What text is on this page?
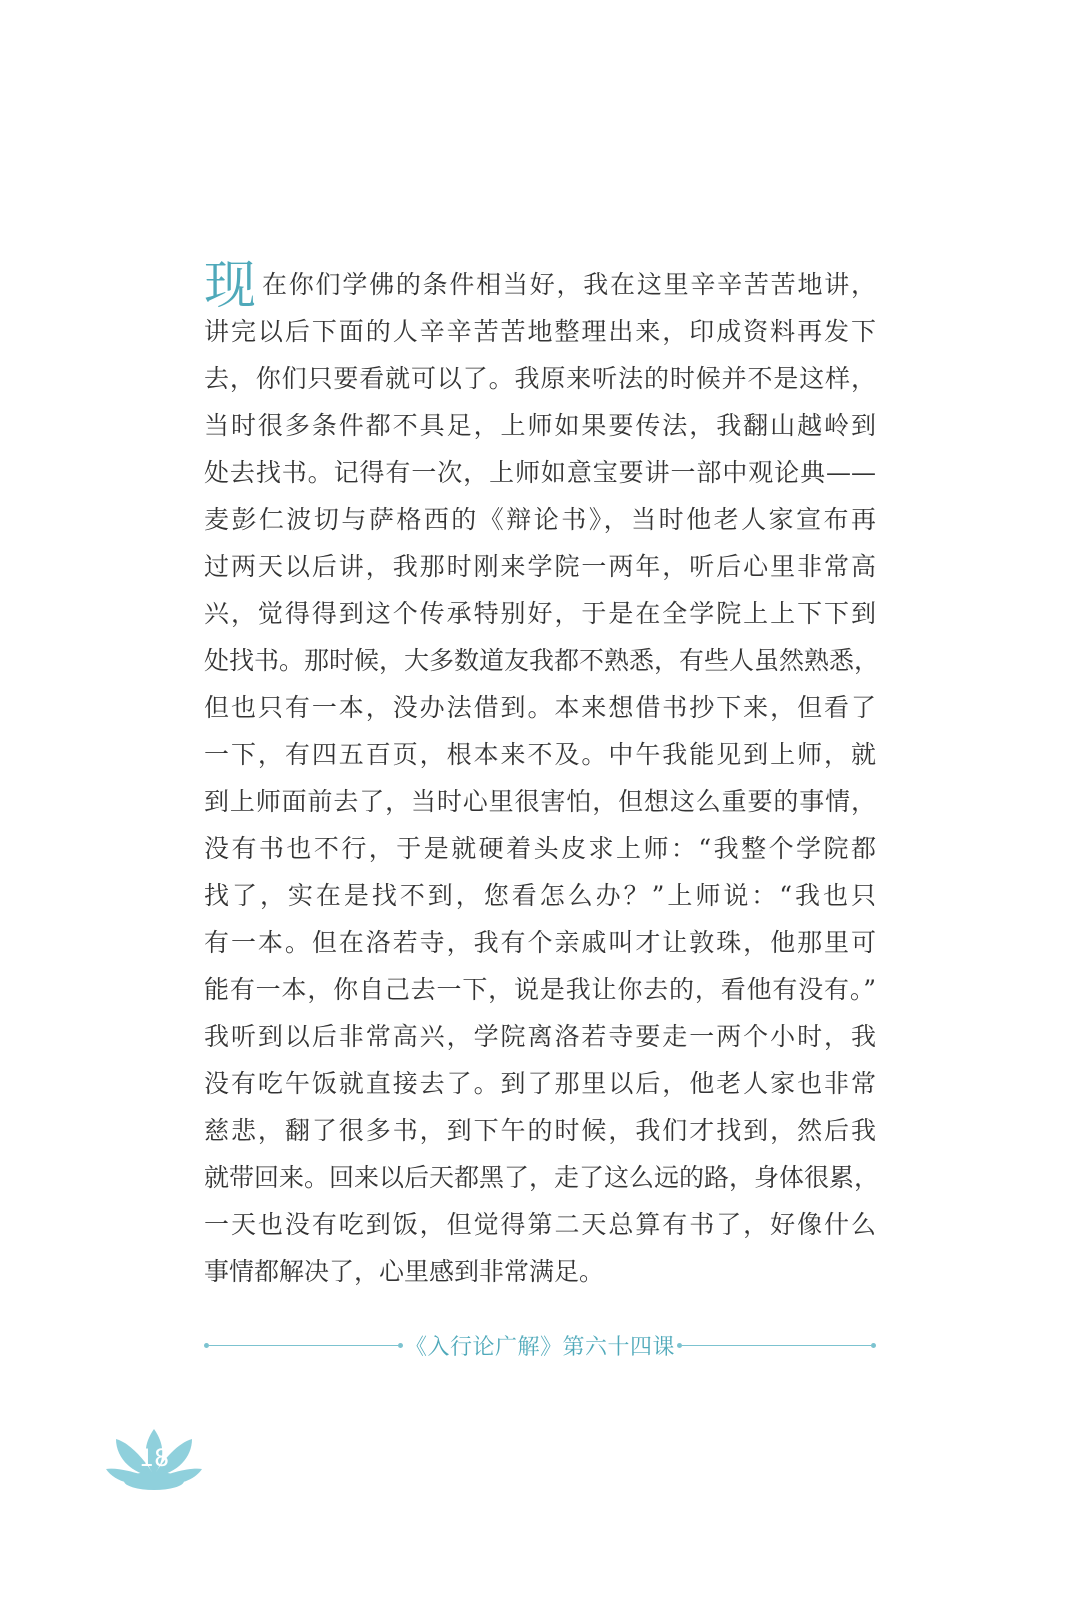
现 在你们学佛的条件相当好，我在这里辛辛苦苦地讲，
讲完以后下面的人辛辛苦苦地整理出来，印成资料再发下
去，你们只要看就可以了。我原来听法的时候并不是这样，
当时很多条件都不具足，上师如果要传法，我翻山越岭到
处去找书。记得有一次，上师如意宝要讲一部中观论典——
麦彭仁波切与萨格西的《辩论书》，当时他老人家宣布再
过两天以后讲，我那时刚来学院一两年，听后心里非常高
兴，觉得得到这个传承特别好，于是在全学院上上下下到
处找书。那时候，大多数道友我都不熟悉，有些人虽然熟悉，
但也只有一本，没办法借到。本来想借书抄下来，但看了
一下，有四五百页，根本来不及。中午我能见到上师，就
到上师面前去了，当时心里很害怕，但想这么重要的事情，
没有书也不行，于是就硬着头皮求上师：“我整个学院都
找了，实在是找不到，您看怎么办？”上师说：“我也只
有一本。但在洛若寺，我有个亲戚叫才让敦珠，他那里可
能有一本，你自己去一下，说是我让你去的，看他有没有。”
我听到以后非常高兴，学院离洛若寺要走一两个小时，我
没有吃午饭就直接去了。到了那里以后，他老人家也非常
慈悲，翻了很多书，到下午的时候，我们才找到，然后我
就带回来。回来以后天都黑了，走了这么远的路，身体很累，
一天也没有吃到饭，但觉得第二天总算有书了，好像什么
事情都解决了，心里感到非常满足。
《入行论广解》第六十四课
18
